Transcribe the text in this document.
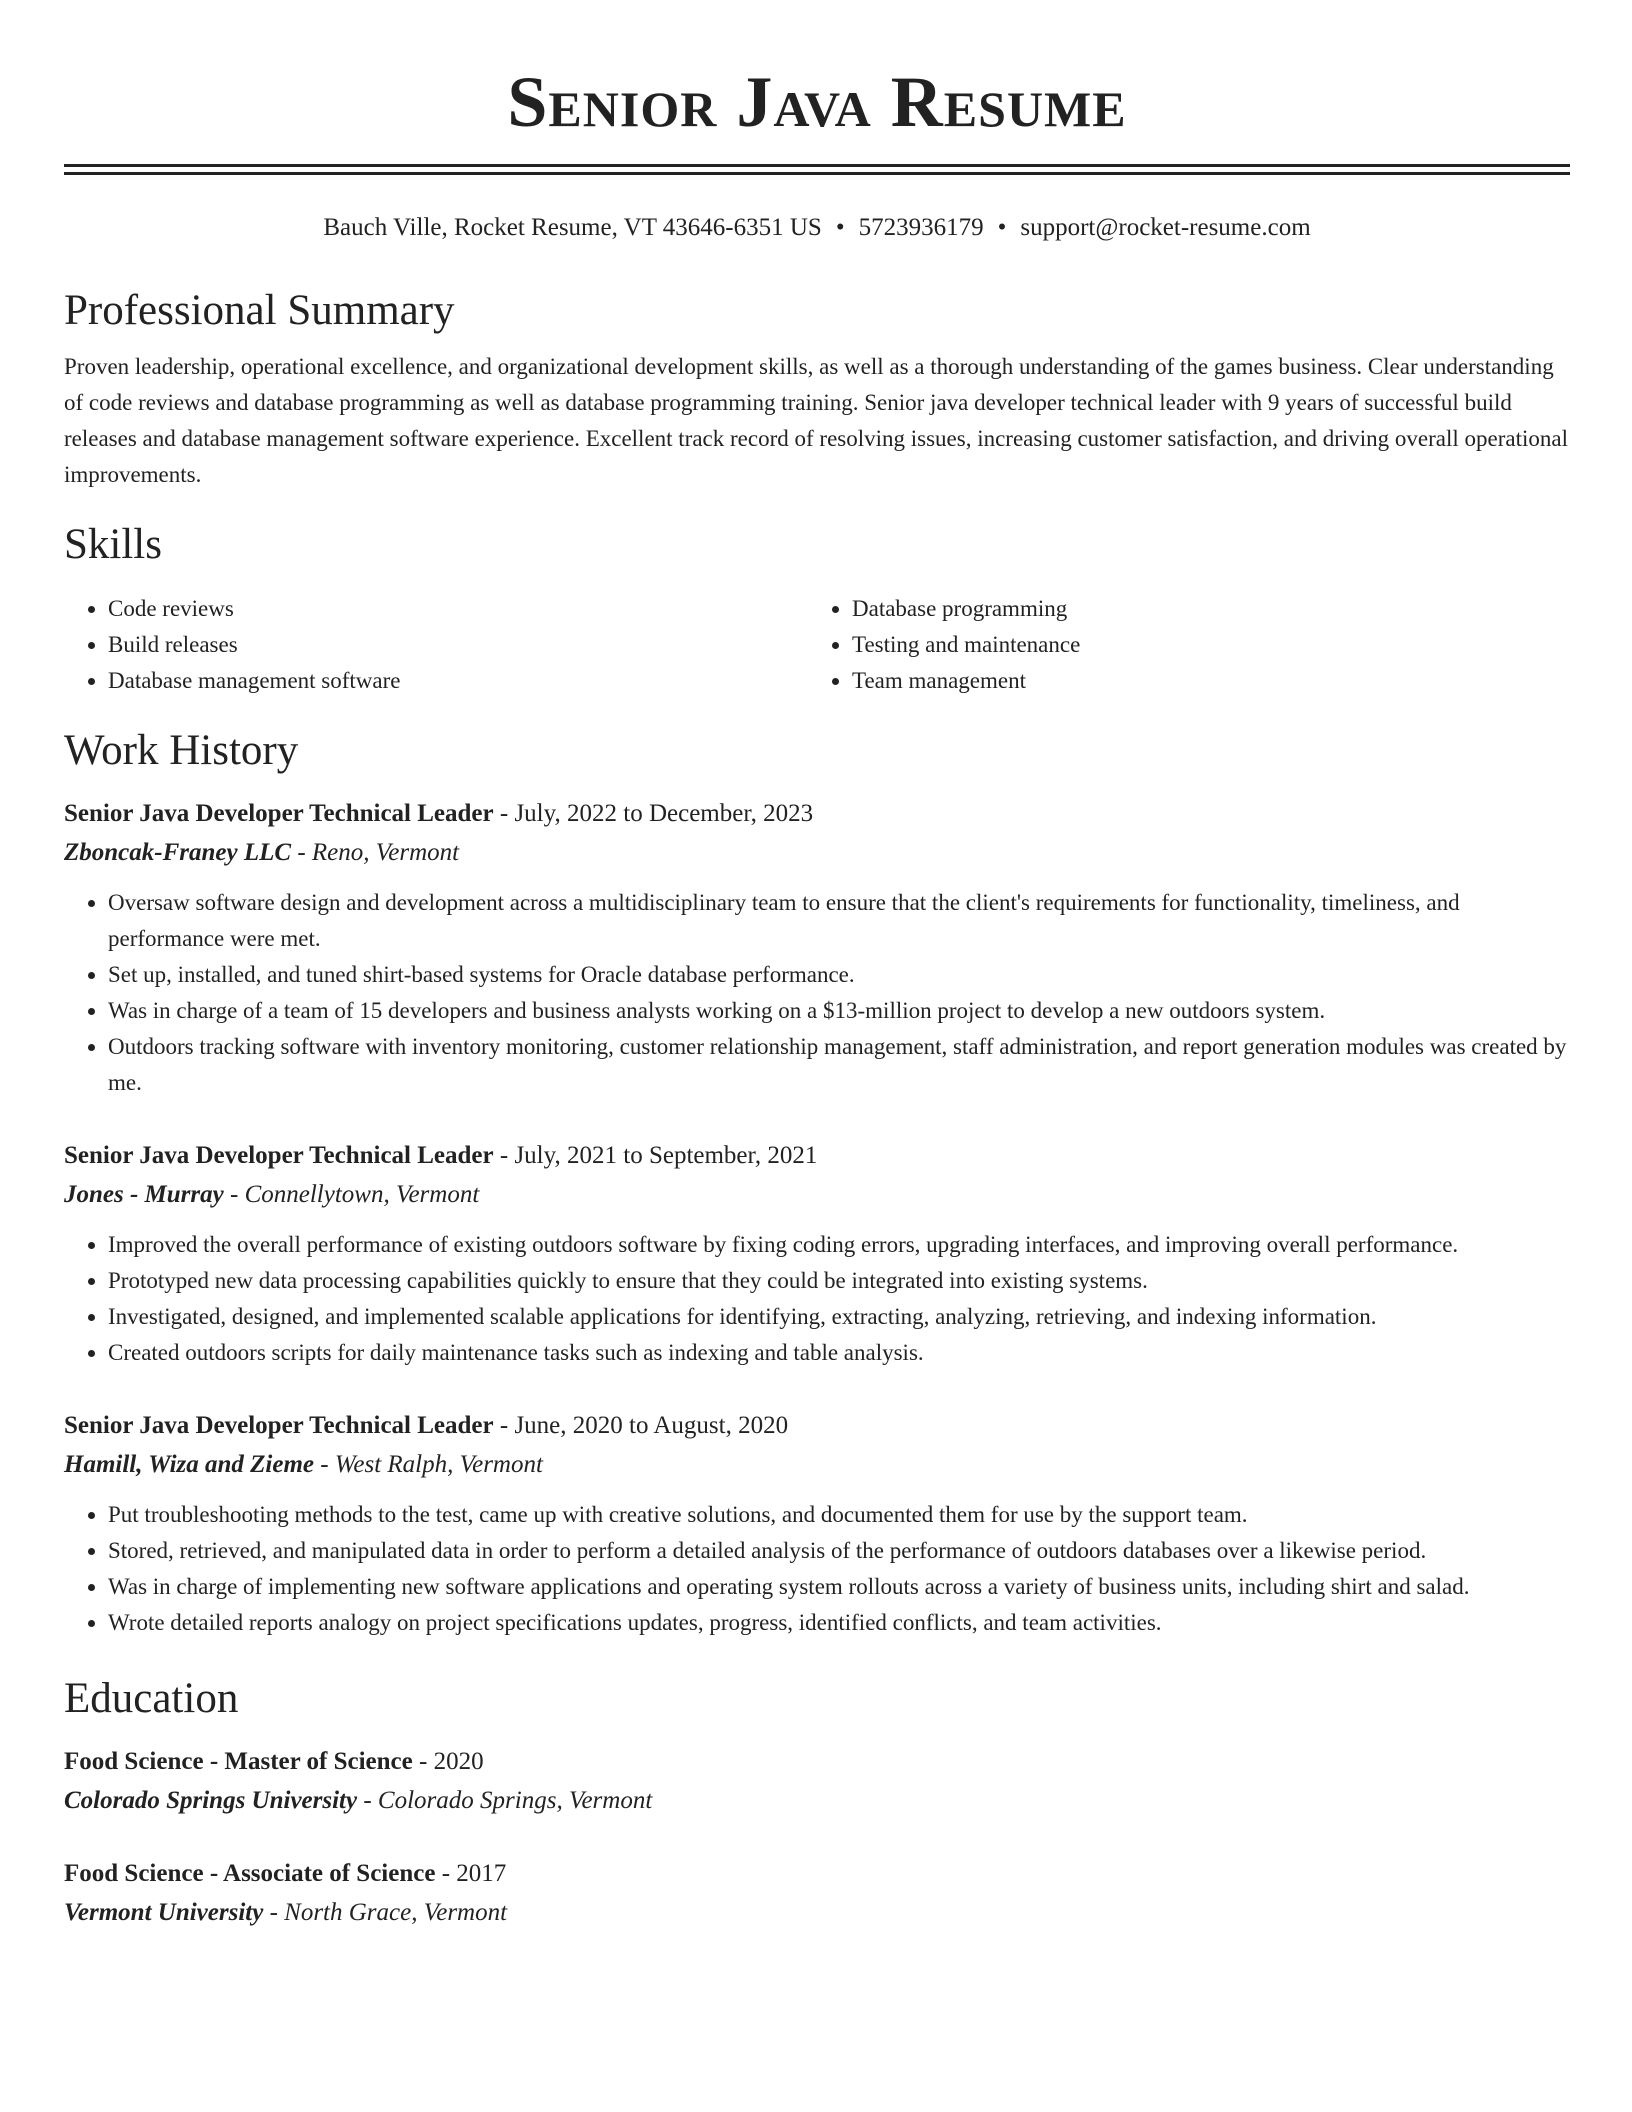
Senior Java Resume
Bauch Ville, Rocket Resume, VT 43646-6351 US • 5723936179 • support@rocket-resume.com
Professional Summary
Proven leadership, operational excellence, and organizational development skills, as well as a thorough understanding of the games business. Clear understanding of code reviews and database programming as well as database programming training. Senior java developer technical leader with 9 years of successful build releases and database management software experience. Excellent track record of resolving issues, increasing customer satisfaction, and driving overall operational improvements.
Skills
• Code reviews
• Build releases
• Database management software
• Database programming
• Testing and maintenance
• Team management
Work History
Senior Java Developer Technical Leader - July, 2022 to December, 2023
Zboncak-Franey LLC - Reno, Vermont
• Oversaw software design and development across a multidisciplinary team to ensure that the client's requirements for functionality, timeliness, and performance were met.
• Set up, installed, and tuned shirt-based systems for Oracle database performance.
• Was in charge of a team of 15 developers and business analysts working on a $13-million project to develop a new outdoors system.
• Outdoors tracking software with inventory monitoring, customer relationship management, staff administration, and report generation modules was created by me.
Senior Java Developer Technical Leader - July, 2021 to September, 2021
Jones - Murray - Connellytown, Vermont
• Improved the overall performance of existing outdoors software by fixing coding errors, upgrading interfaces, and improving overall performance.
• Prototyped new data processing capabilities quickly to ensure that they could be integrated into existing systems.
• Investigated, designed, and implemented scalable applications for identifying, extracting, analyzing, retrieving, and indexing information.
• Created outdoors scripts for daily maintenance tasks such as indexing and table analysis.
Senior Java Developer Technical Leader - June, 2020 to August, 2020
Hamill, Wiza and Zieme - West Ralph, Vermont
• Put troubleshooting methods to the test, came up with creative solutions, and documented them for use by the support team.
• Stored, retrieved, and manipulated data in order to perform a detailed analysis of the performance of outdoors databases over a likewise period.
• Was in charge of implementing new software applications and operating system rollouts across a variety of business units, including shirt and salad.
• Wrote detailed reports analogy on project specifications updates, progress, identified conflicts, and team activities.
Education
Food Science - Master of Science - 2020
Colorado Springs University - Colorado Springs, Vermont
Food Science - Associate of Science - 2017
Vermont University - North Grace, Vermont
